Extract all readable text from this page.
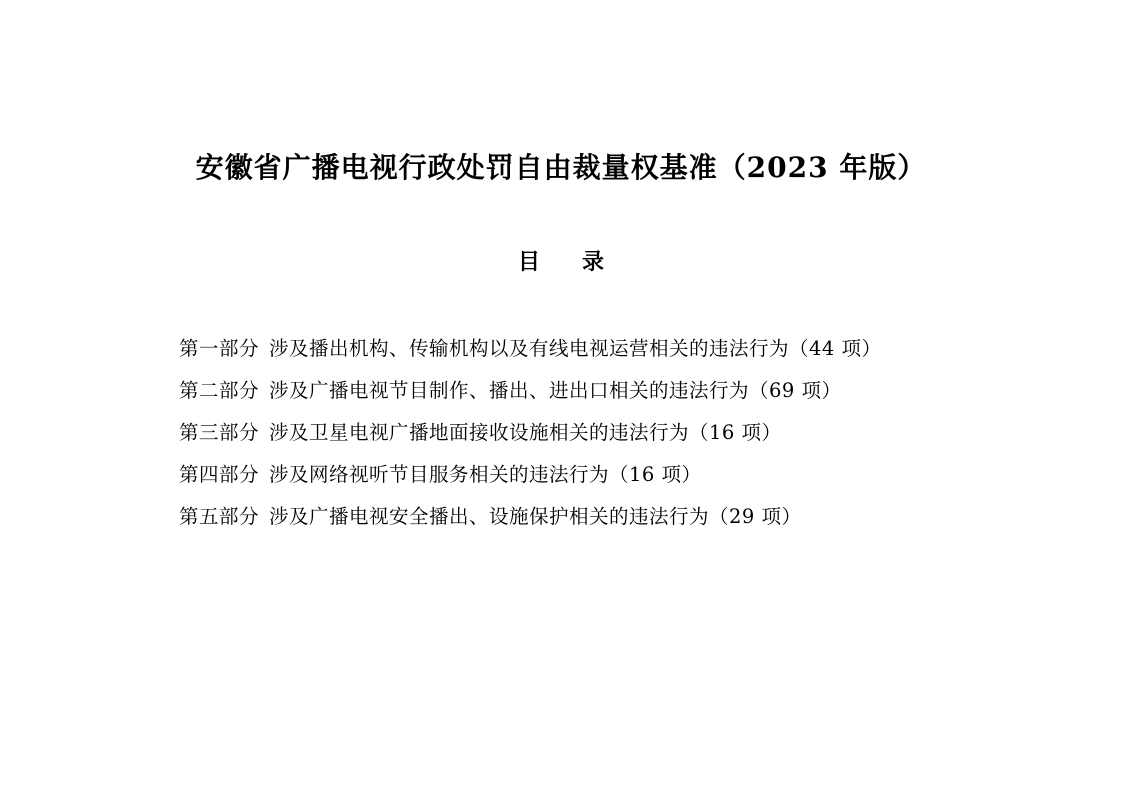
安徽省广播电视行政处罚自由裁量权基准（2023 年版）
目　录
第一部分 涉及播出机构、传输机构以及有线电视运营相关的违法行为（44 项）
第二部分 涉及广播电视节目制作、播出、进出口相关的违法行为（69 项）
第三部分 涉及卫星电视广播地面接收设施相关的违法行为（16 项）
第四部分 涉及网络视听节目服务相关的违法行为（16 项）
第五部分 涉及广播电视安全播出、设施保护相关的违法行为（29 项）
